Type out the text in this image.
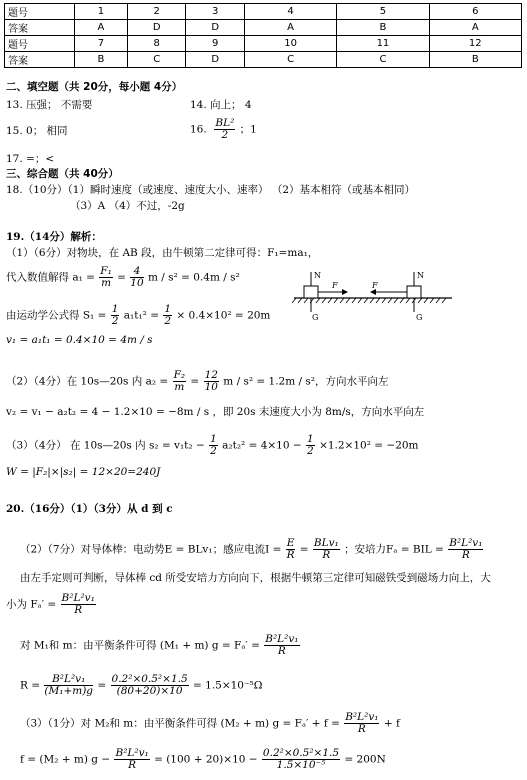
题号	1	2	3	4	5	6
答案	A	D	D	A	B	A
题号	7	8	9	10	11	12
答案	B	C	D	C	C	B
二、填空题（共 20分，每小题 4分）
13. 压强； 不需要	14. 向上； 4
15. 0； 相同	16. $\frac{\text{BL²}}{2}$ ；1
17. =；<
三、综合题（共 40分）
18.（10分）（1）瞬时速度（或速度、速度大小、速率） （2）基本相符（或基本相同）
（3）A （4）不过，-2g
19.（14分）解析：
（1）（6分）对物块，在 AB 段，由牛顿第二定律可得：F₁=ma₁，
代入数值解得 $a_1 = \frac{\text{F₁}}{m} = \frac{4}{10}$ m / s² = 0.4m / s²
由运动学公式得 $S_1 = \frac{1}{2} a_1t_1^2 = \frac{1}{2} \times 0.4\times 10^2 = 20m$
v₁ = a₁t₁ = 0.4×10 = 4m / s
N
G
F
N
G
F
（2）（4分）在 10s—20s 内 $a_2 = \frac{\text{F₂}}{m} = \frac{12}{10}$ m / s² = 1.2m / s²，方向水平向左
v₂ = v₁ − a₂t₂ = 4 − 1.2×10 = −8m / s ，即 20s 末速度大小为 8m/s，方向水平向左
（3）（4分） 在 10s—20s 内 $s_2 = v_1t_2 - \frac{1}{2} a_2t_2^2 = 4\times 10 - \frac{1}{2} \times 1.2\times 10^2 = -20m$
W = |F₂|×|s₂| = 12×20=240J
20.（16分）（1）（3分）从 d 到 c
（2）（7分）对导体棒：电动势E = BLv₁；感应电流$I = \frac{E}{R} = \frac{\text{BLv₁}}{R}$ ；安培力Fₐ = BIL = $\frac{\text{B²L²v₁}}{R}$
由左手定则可判断，导体棒 cd 所受安培力方向向下，根据牛顿第三定律可知磁铁受到磁场力向上，大
小为 $F_a' = \frac{\text{B²L²v₁}}{R}$
对 M₁和 m：由平衡条件可得 (M₁ + m) $g = F_a' = \frac{\text{B²L²v₁}}{R}$
$R = \frac{\text{B²L²v₁}}{\text{(M₁+m)g}} = \frac{\text{0.2²×0.5²×1.5}}{(80+20)\times 10} = 1.5\times 10^{-5}\Omega$
（3）（1分）对 M₂和 m：由平衡条件可得 (M₂ + m) $g = F_a' + f = \frac{\text{B²L²v₁}}{R} + f$
f = (M₂ + m) $g - \frac{\text{B²L²v₁}}{R} = (100 + 20)\times 10 - \frac{\text{0.2²×0.5²×1.5}}{\text{1.5×10⁻⁵}} = 200N$
